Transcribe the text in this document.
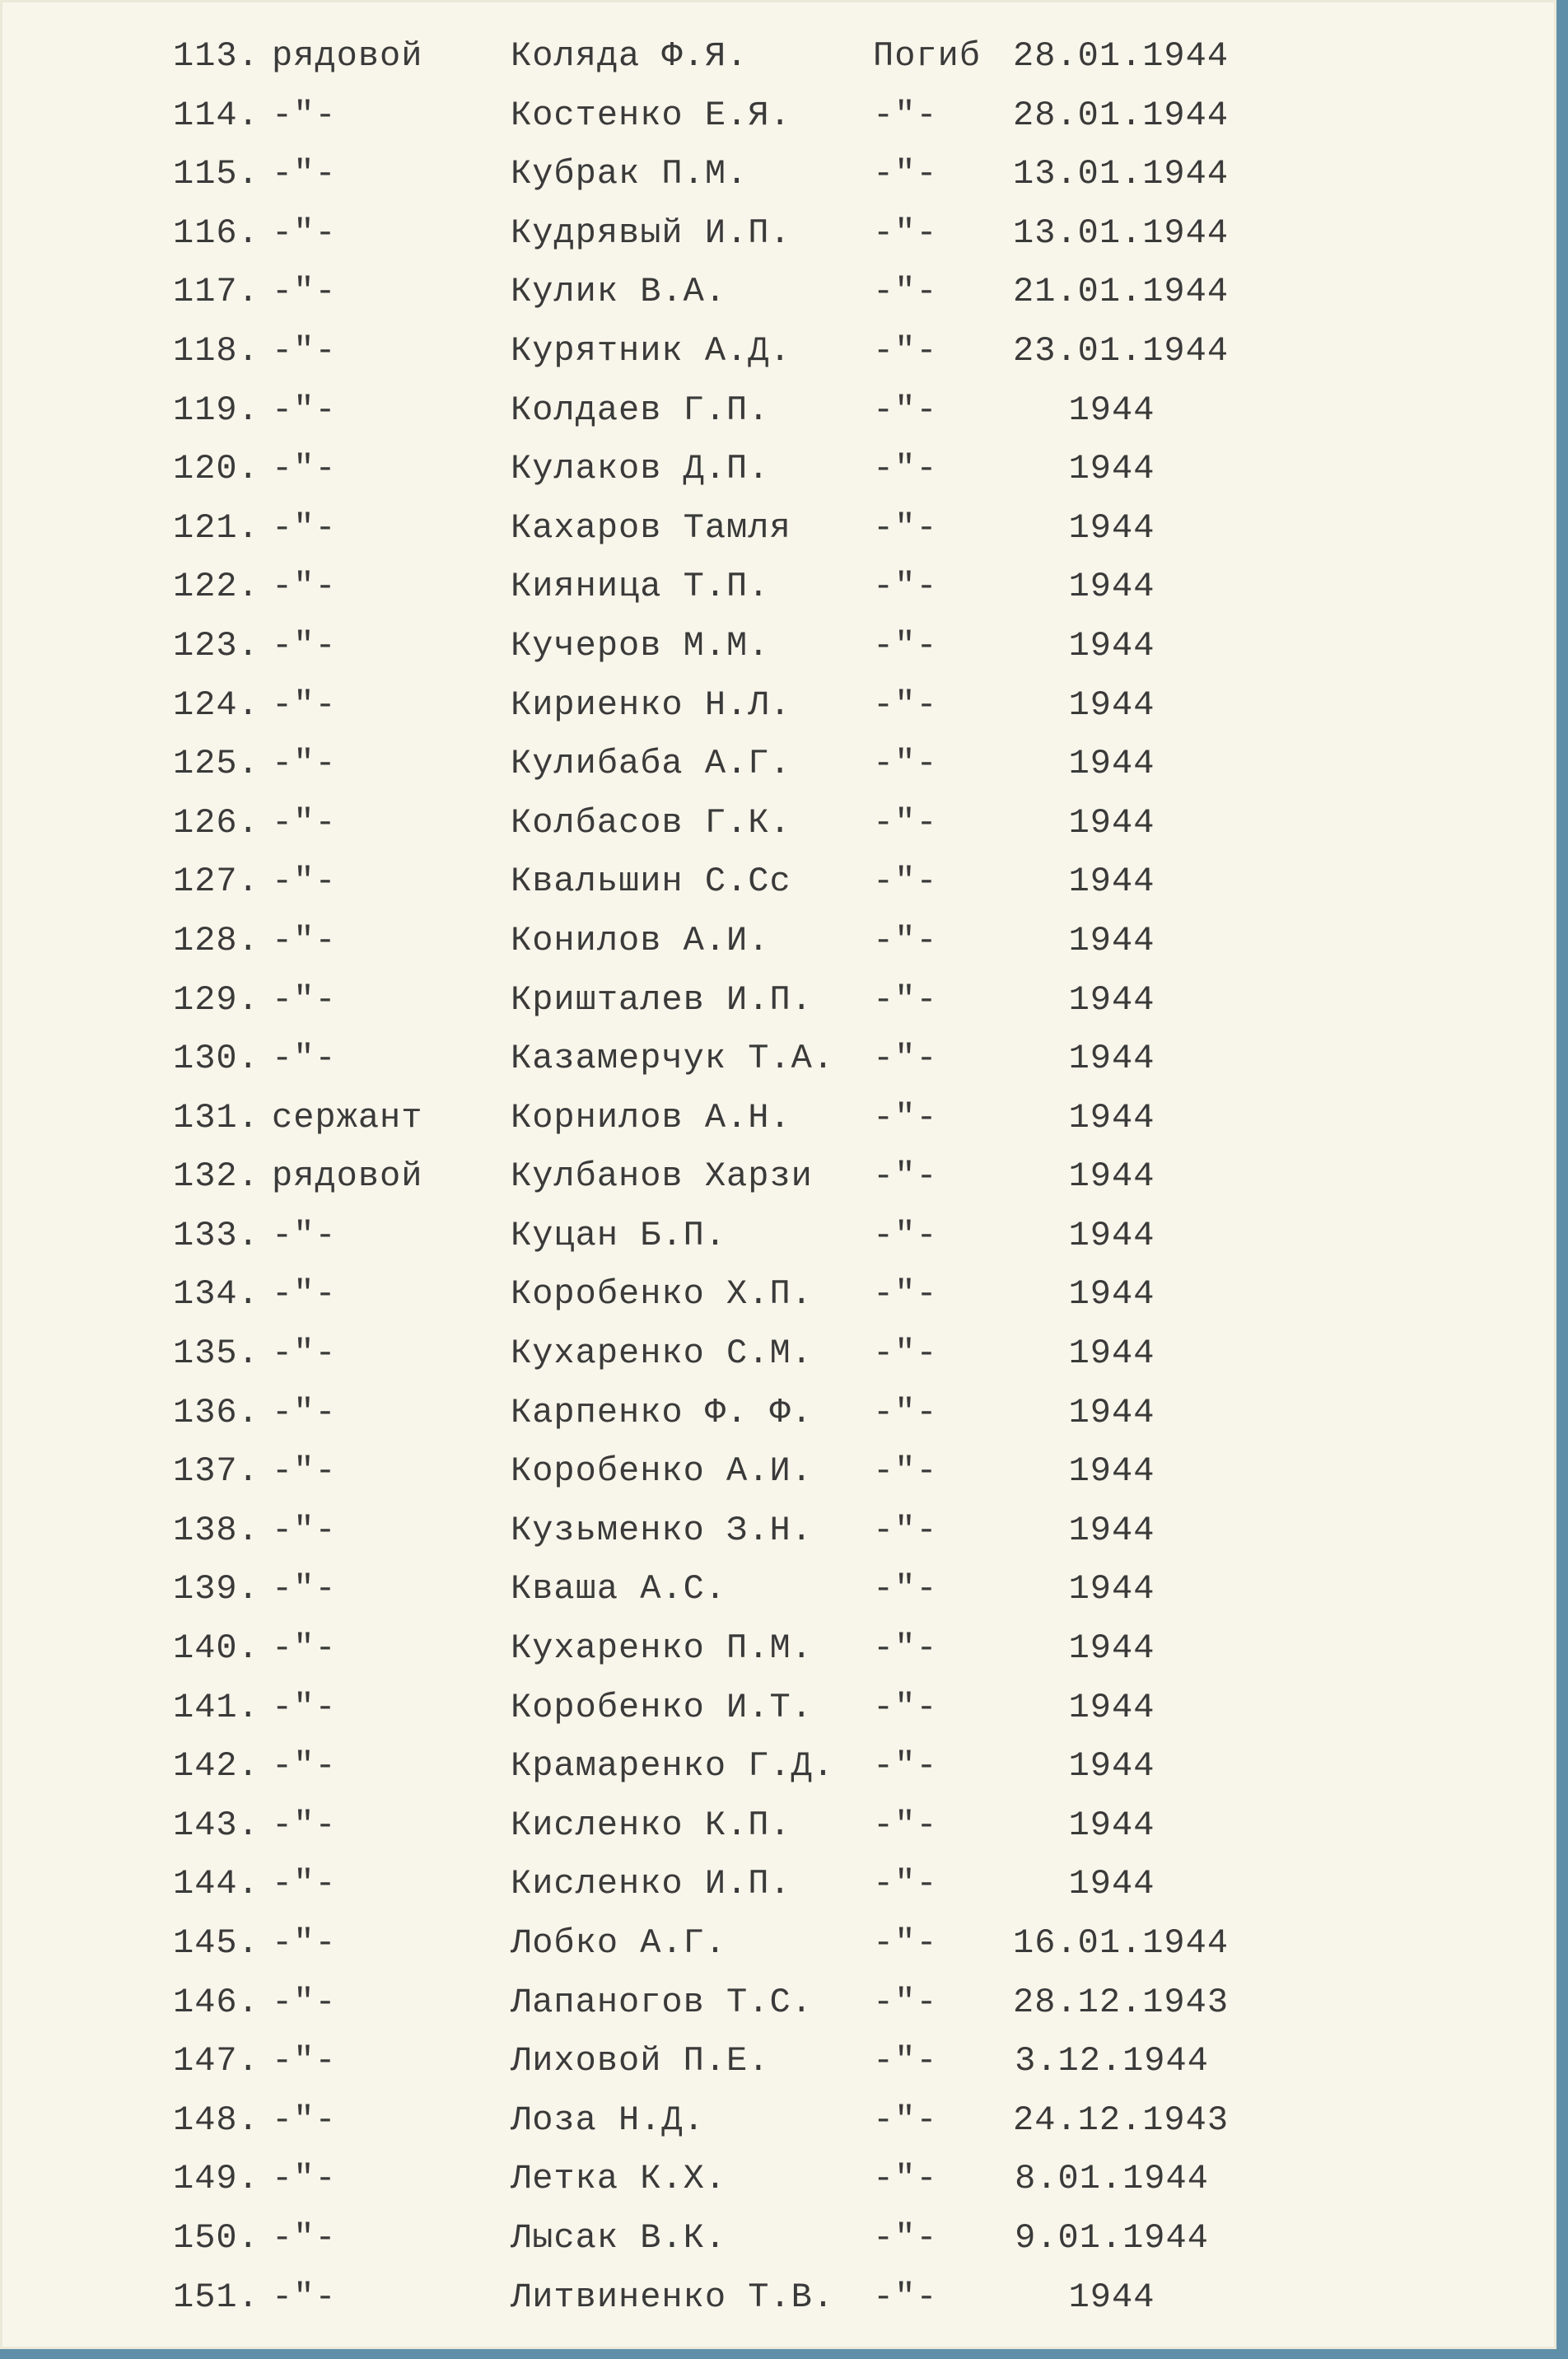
113. рядовой	Коляда Ф.Я.	Погиб 28.01.1944
114. -"-	Костенко Е.Я. -"- 28.01.1944
115. -"-	Кубрак П.М.	-"- 13.01.1944
116. -"-	Кудрявый И.П. -"- 13.01.1944
117. -"-	Кулик В.А.	-"- 21.01.1944
118. -"-	Курятник А.Д. -"- 23.01.1944
119. -"-	Колдаев Г.П.	-"-	1944
120. -"-	Кулаков Д.П.	-"-	1944
121. -"-	Кахаров Тамля -"-	1944
122. -"-	Кияница Т.П.	-"-	1944
123. -"-	Кучеров М.М.	-"-	1944
124. -"-	Кириенко Н.Л. -"-	1944
125. -"-	Кулибаба А.Г. -"-	1944
126. -"-	Колбасов Г.К. -"-	1944
127. -"-	Квальшин С.Сс -"-	1944
128. -"-	Конилов А.И.	-"-	1944
129. -"-	Кришталев И.П. -"-	1944
130. -"-	Казамерчук Т.А. -"-	1944
131. сержант	Корнилов А.Н. -"-	1944
132. рядовой	Кулбанов Харзи -"-	1944
133. -"-	Куцан Б.П.	-"-	1944
134. -"-	Коробенко Х.П. -"-	1944
135. -"-	Кухаренко С.М. -"-	1944
136. -"-	Карпенко Ф. Ф. -"-	1944
137. -"-	Коробенко А.И. -"-	1944
138. -"-	Кузьменко З.Н. -"-	1944
139. -"-	Кваша А.С.	-"-	1944
140. -"-	Кухаренко П.М. -"-	1944
141. -"-	Коробенко И.Т. -"-	1944
142. -"-	Крамаренко Г.Д. -"-	1944
143. -"-	Кисленко К.П. -"-	1944
144. -"-	Кисленко И.П. -"-	1944
145. -"-	Лобко А.Г.	-"- 16.01.1944
146. -"-	Лапаногов Т.С. -"- 28.12.1943
147. -"-	Лиховой П.Е.	-"- 3.12.1944
148. -"-	Лоза Н.Д.	-"- 24.12.1943
149. -"-	Летка К.Х.	-"- 8.01.1944
150. -"-	Лысак В.К.	-"- 9.01.1944
151. -"-	Литвиненко Т.В. -"-	1944
